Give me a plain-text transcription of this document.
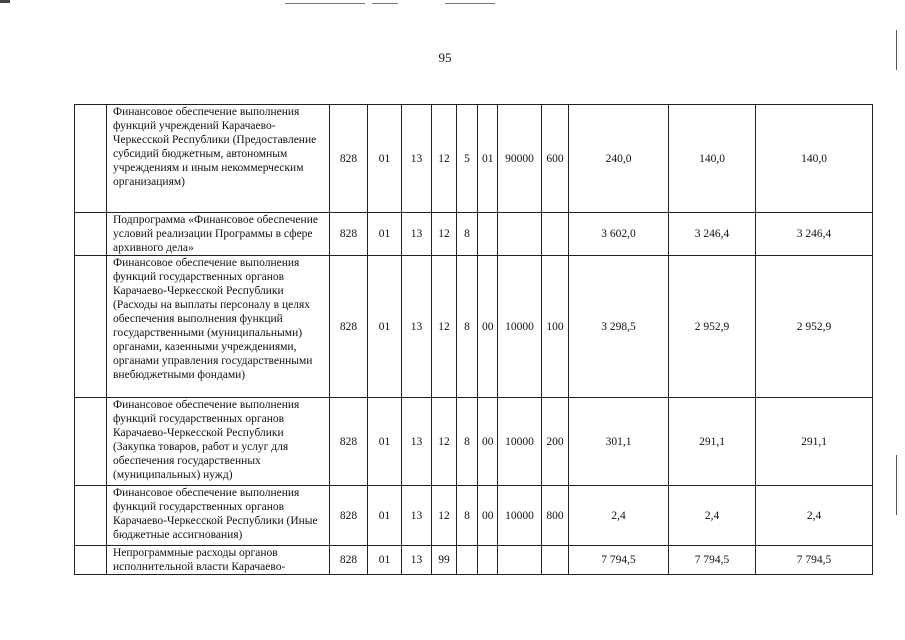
95
	Финансовое обеспечение выполнения функций учреждений Карачаево-Черкесской Республики (Предоставление субсидий бюджетным, автономным учреждениям и иным некоммерческим организациям)	828	01	13	12	5	01	90000	600	240,0	140,0	140,0
	Подпрограмма «Финансовое обеспечение условий реализации Программы в сфере архивного дела»	828	01	13	12	8				3 602,0	3 246,4	3 246,4
	Финансовое обеспечение выполнения функций государственных органов Карачаево-Черкесской Республики (Расходы на выплаты персоналу в целях обеспечения выполнения функций государственными (муниципальными) органами, казенными учреждениями, органами управления государственными внебюджетными фондами)	828	01	13	12	8	00	10000	100	3 298,5	2 952,9	2 952,9
	Финансовое обеспечение выполнения функций государственных органов Карачаево-Черкесской Республики (Закупка товаров, работ и услуг для обеспечения государственных (муниципальных) нужд)	828	01	13	12	8	00	10000	200	301,1	291,1	291,1
	Финансовое обеспечение выполнения функций государственных органов Карачаево-Черкесской Республики (Иные бюджетные ассигнования)	828	01	13	12	8	00	10000	800	2,4	2,4	2,4
	Непрограммные расходы органов исполнительной власти Карачаево-	828	01	13	99					7 794,5	7 794,5	7 794,5
